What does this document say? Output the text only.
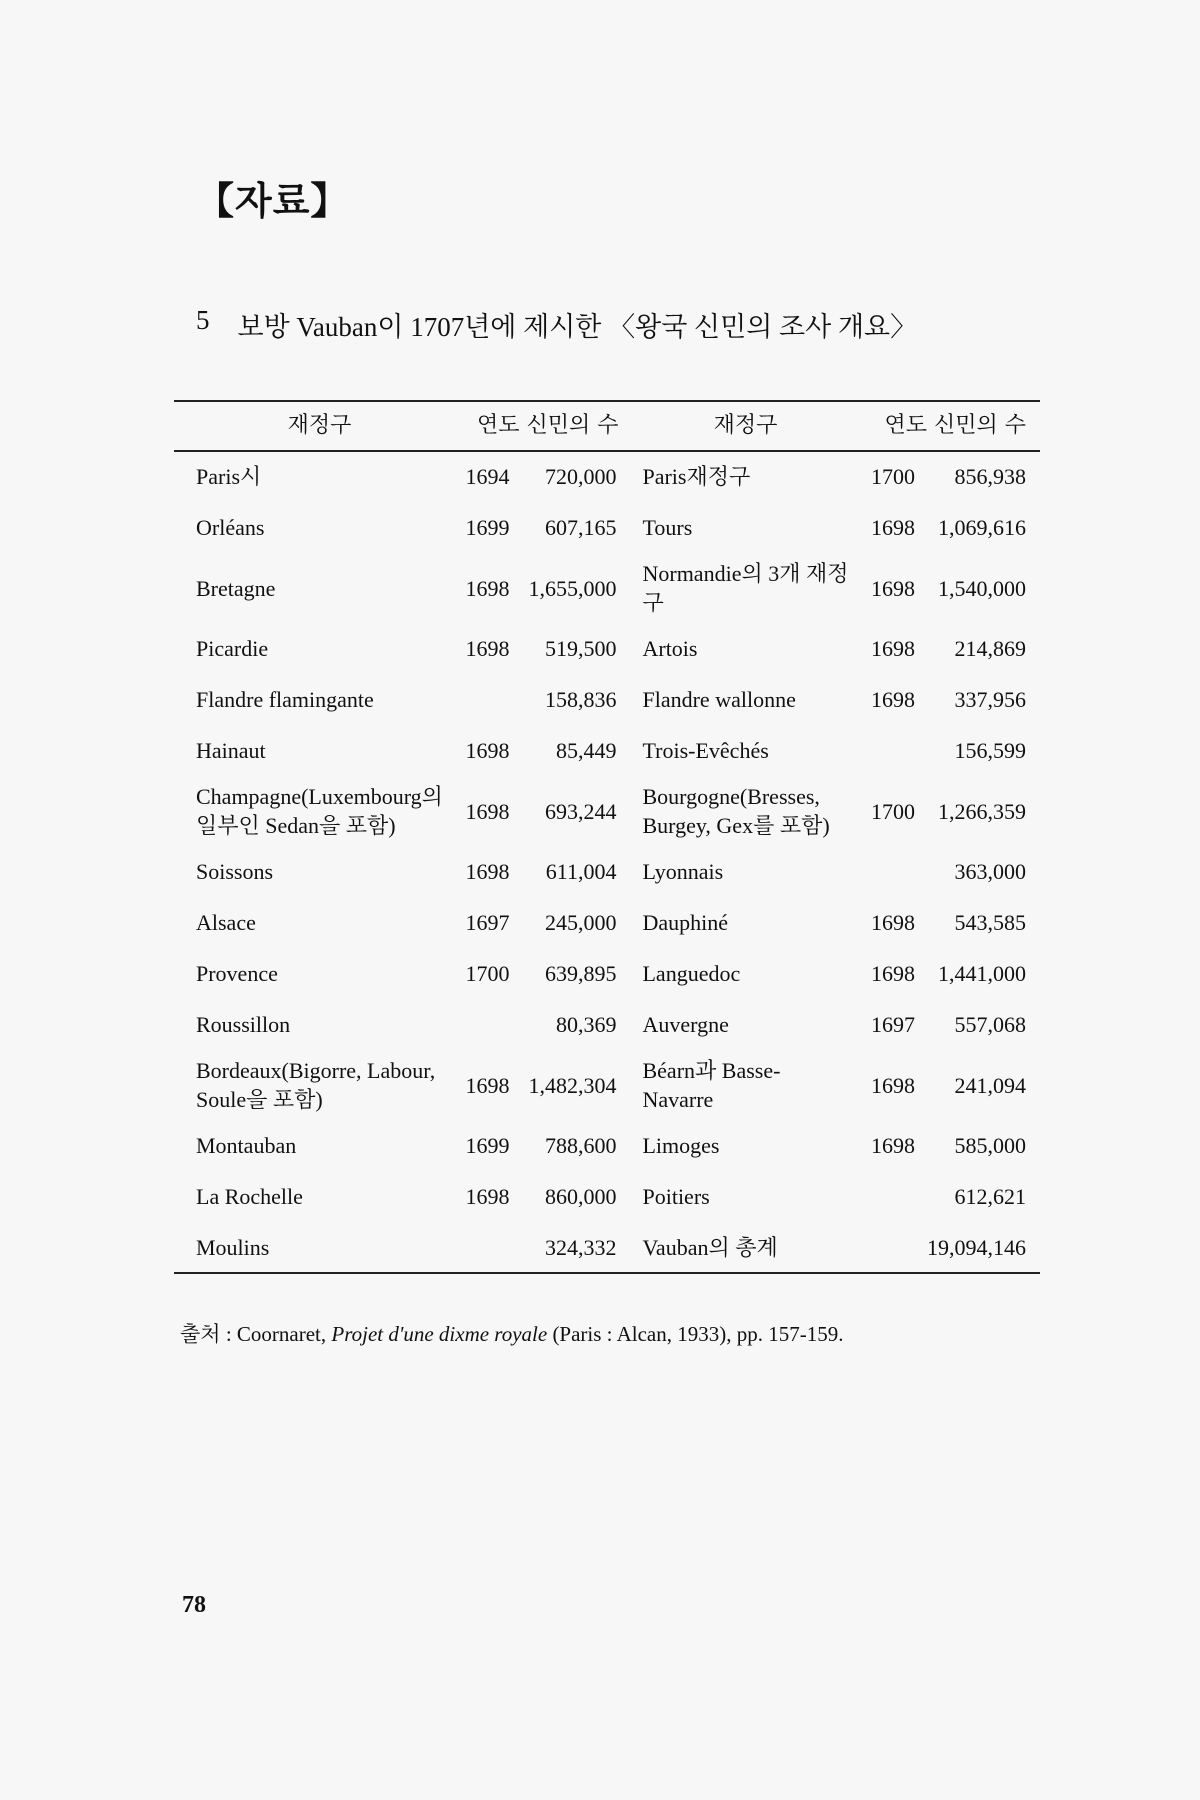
【자료】
5 보방 Vauban이 1707년에 제시한 〈왕국 신민의 조사 개요〉
재정구	연도 신민의 수		재정구	연도 신민의 수	
Paris시	1694	720,000	Paris재정구	1700	856,938
Orléans	1699	607,165	Tours	1698	1,069,616
Bretagne	1698	1,655,000	Normandie의 3개 재정구	1698	1,540,000
Picardie	1698	519,500	Artois	1698	214,869
Flandre flamingante		158,836	Flandre wallonne	1698	337,956
Hainaut	1698	85,449	Trois-Evêchés		156,599
Champagne(Luxembourg의 일부인 Sedan을 포함)	1698	693,244	Bourgogne(Bresses, Burgey, Gex를 포함)	1700	1,266,359
Soissons	1698	611,004	Lyonnais		363,000
Alsace	1697	245,000	Dauphiné	1698	543,585
Provence	1700	639,895	Languedoc	1698	1,441,000
Roussillon		80,369	Auvergne	1697	557,068
Bordeaux(Bigorre, Labour, Soule을 포함)	1698	1,482,304	Béarn과 Basse-Navarre	1698	241,094
Montauban	1699	788,600	Limoges	1698	585,000
La Rochelle	1698	860,000	Poitiers		612,621
Moulins		324,332	Vauban의 총계		19,094,146
출처 : Coornaret, Projet d'une dixme royale (Paris : Alcan, 1933), pp. 157-159.
78
